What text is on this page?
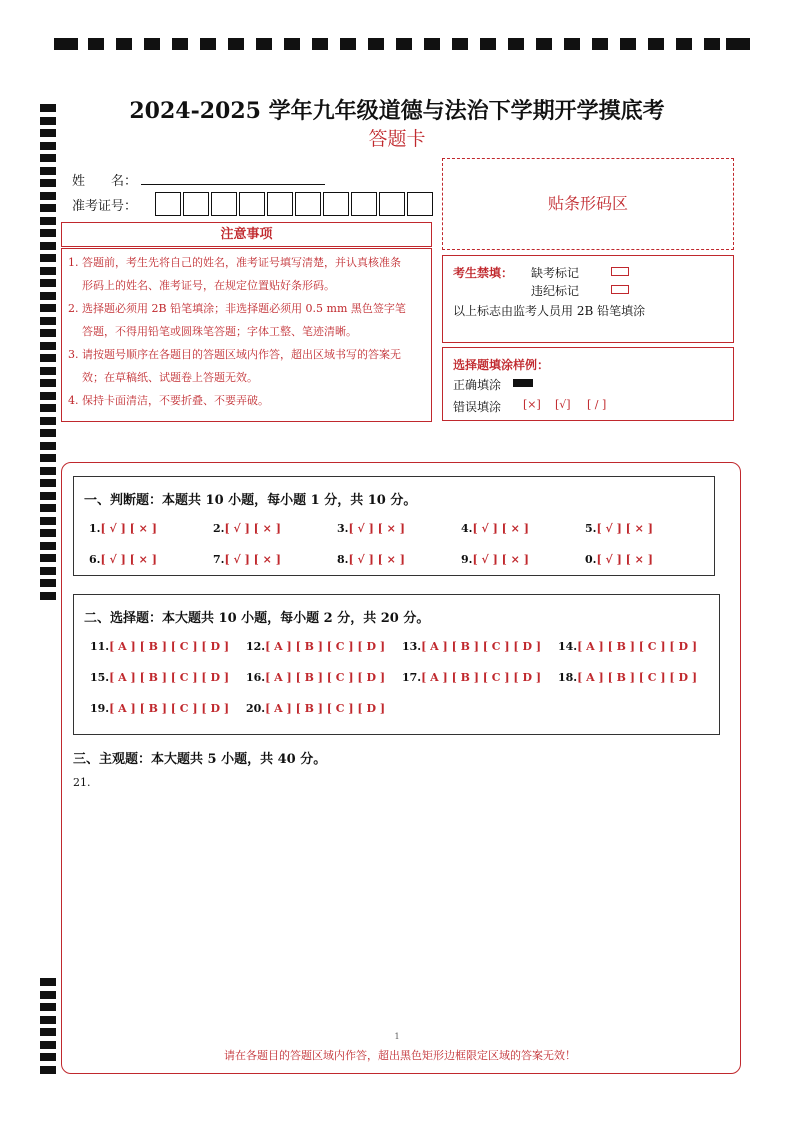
2024-2025 学年九年级道德与法治下学期开学摸底考
答题卡
姓　　名：
准考证号：	贴条形码区
注意事项

1. 答题前，考生先将自己的姓名，准考证号填写清楚，并认真核准条
形码上的姓名、准考证号，在规定位置贴好条形码。

2. 选择题必须用 2B 铅笔填涂；非选择题必须用 0.5 mm 黑色签字笔
答题，不得用铅笔或圆珠笔答题；字体工整、笔迹清晰。

3. 请按题号顺序在各题目的答题区域内作答，超出区域书写的答案无
效；在草稿纸、试题卷上答题无效。

4. 保持卡面清洁，不要折叠、不要弄破。

考生禁填： 缺考标记
违纪标记
以上标志由监考人员用 2B 铅笔填涂
选择题填涂样例：
正确填涂
错误填涂 [×] [√] [ / ]
一、判断题：本题共 10 小题，每小题 1 分，共 10 分。
1.[ √ ] [ × ]	2.[ √ ] [ × ]	3.[ √ ] [ × ]	4.[ √ ] [ × ]	5.[ √ ] [ × ]
6.[ √ ] [ × ]	7.[ √ ] [ × ]	8.[ √ ] [ × ]	9.[ √ ] [ × ]	0.[ √ ] [ × ]
二、选择题：本大题共 10 小题，每小题 2 分，共 20 分。
11.[ A ] [ B ] [ C ] [ D ] 12.[ A ] [ B ] [ C ] [ D ] 13.[ A ] [ B ] [ C ] [ D ] 14.[ A ] [ B ] [ C ] [ D ]
15.[ A ] [ B ] [ C ] [ D ] 16.[ A ] [ B ] [ C ] [ D ] 17.[ A ] [ B ] [ C ] [ D ] 18.[ A ] [ B ] [ C ] [ D ]
19.[ A ] [ B ] [ C ] [ D ] 20.[ A ] [ B ] [ C ] [ D ]
三、主观题：本大题共 5 小题，共 40 分。
21.
1
请在各题目的答题区域内作答，超出黑色矩形边框限定区域的答案无效！
